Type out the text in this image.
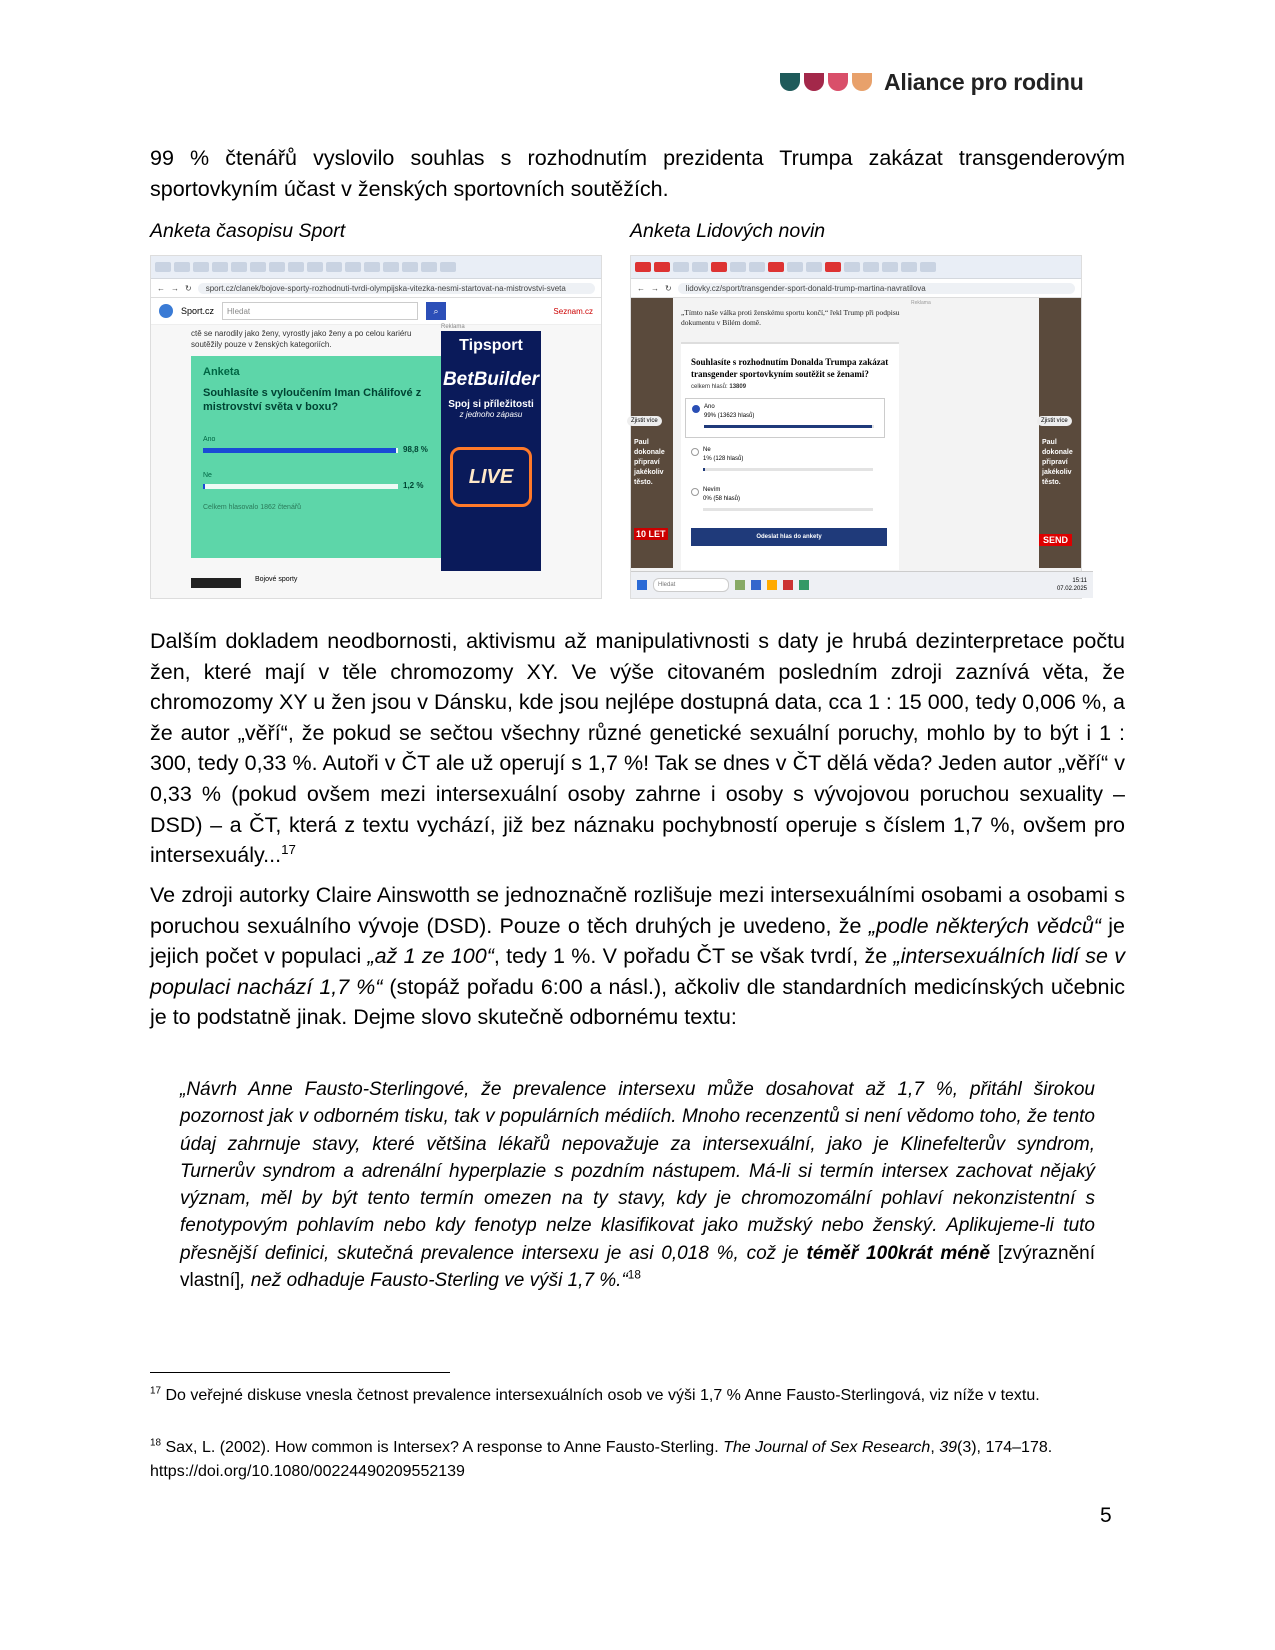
Aliance pro rodinu
99 % čtenářů vyslovilo souhlas s rozhodnutím prezidenta Trumpa zakázat transgenderovým sportovkyním účast v ženských sportovních soutěžích.
Anketa časopisu Sport	Anketa Lidových novin
← → ↻	sport.cz/clanek/bojove-sporty-rozhodnuti-tvrdi-olympijska-vitezka-nesmi-startovat-na-mistrovstvi-sveta
Sport.cz	Hledat	⌕	Seznam.cz
ctě se narodily jako ženy, vyrostly jako ženy a po celou kariéru soutěžily pouze v ženských kategoriích.
Anketa
Souhlasíte s vyloučením Iman Chálifové z mistrovství světa v boxu?
Ano
98,8 %
Ne
1,2 %
Celkem hlasovalo 1862 čtenářů
Reklama
Tipsport
BetBuilder
Spoj si příležitosti
z jednoho zápasu
LIVE
Bojové sporty
← → ↻	lidovky.cz/sport/transgender-sport-donald-trump-martina-navratilova
Zjistit více
Paul dokonale připraví jakékoliv těsto.
10 LET
Zjistit více
Paul dokonale připraví jakékoliv těsto.
SEND
Reklama
„Tímto naše válka proti ženskému sportu končí,“ řekl Trump při podpisu dokumentu v Bílém domě.
Souhlasíte s rozhodnutím Donalda Trumpa zakázat transgender sportovkyním soutěžit se ženami?
celkem hlasů: 13809
Ano
99% (13623 hlasů)
Ne
1% (128 hlasů)
Nevím
0% (58 hlasů)
Odeslat hlas do ankety
Hledat
15:11
07.02.2025
Dalším dokladem neodbornosti, aktivismu až manipulativnosti s daty je hrubá dezinterpretace počtu žen, které mají v těle chromozomy XY. Ve výše citovaném posledním zdroji zaznívá věta, že chromozomy XY u žen jsou v Dánsku, kde jsou nejlépe dostupná data, cca 1 : 15 000, tedy 0,006 %, a že autor „věří“, že pokud se sečtou všechny různé genetické sexuální poruchy, mohlo by to být i 1 : 300, tedy 0,33 %. Autoři v ČT ale už operují s 1,7 %! Tak se dnes v ČT dělá věda? Jeden autor „věří“ v 0,33 % (pokud ovšem mezi intersexuální osoby zahrne i osoby s vývojovou poruchou sexuality – DSD) – a ČT, která z textu vychází, již bez náznaku pochybností operuje s číslem 1,7 %, ovšem pro intersexuály...$^{17}$
Ve zdroji autorky Claire Ainswotth se jednoznačně rozlišuje mezi intersexuálními osobami a osobami s poruchou sexuálního vývoje (DSD). Pouze o těch druhých je uvedeno, že „podle některých vědců“ je jejich počet v populaci „až 1 ze 100“, tedy 1 %. V pořadu ČT se však tvrdí, že „intersexuálních lidí se v populaci nachází 1,7 %“ (stopáž pořadu 6:00 a násl.), ačkoliv dle standardních medicínských učebnic je to podstatně jinak. Dejme slovo skutečně odbornému textu:
„Návrh Anne Fausto-Sterlingové, že prevalence intersexu může dosahovat až 1,7 %, přitáhl širokou pozornost jak v odborném tisku, tak v populárních médiích. Mnoho recenzentů si není vědomo toho, že tento údaj zahrnuje stavy, které většina lékařů nepovažuje za intersexuální, jako je Klinefelterův syndrom, Turnerův syndrom a adrenální hyperplazie s pozdním nástupem. Má-li si termín intersex zachovat nějaký význam, měl by být tento termín omezen na ty stavy, kdy je chromozomální pohlaví nekonzistentní s fenotypovým pohlavím nebo kdy fenotyp nelze klasifikovat jako mužský nebo ženský. Aplikujeme-li tuto přesnější definici, skutečná prevalence intersexu je asi 0,018 %, což je téměř 100krát méně [zvýraznění vlastní], než odhaduje Fausto-Sterling ve výši 1,7 %.“$^{18}$
$^{17}$ Do veřejné diskuse vnesla četnost prevalence intersexuálních osob ve výši 1,7 % Anne Fausto-Sterlingová, viz níže v textu.
$^{18}$ Sax, L. (2002). How common is Intersex? A response to Anne Fausto-Sterling. The Journal of Sex Research, 39(3), 174–178. https://doi.org/10.1080/00224490209552139
5
